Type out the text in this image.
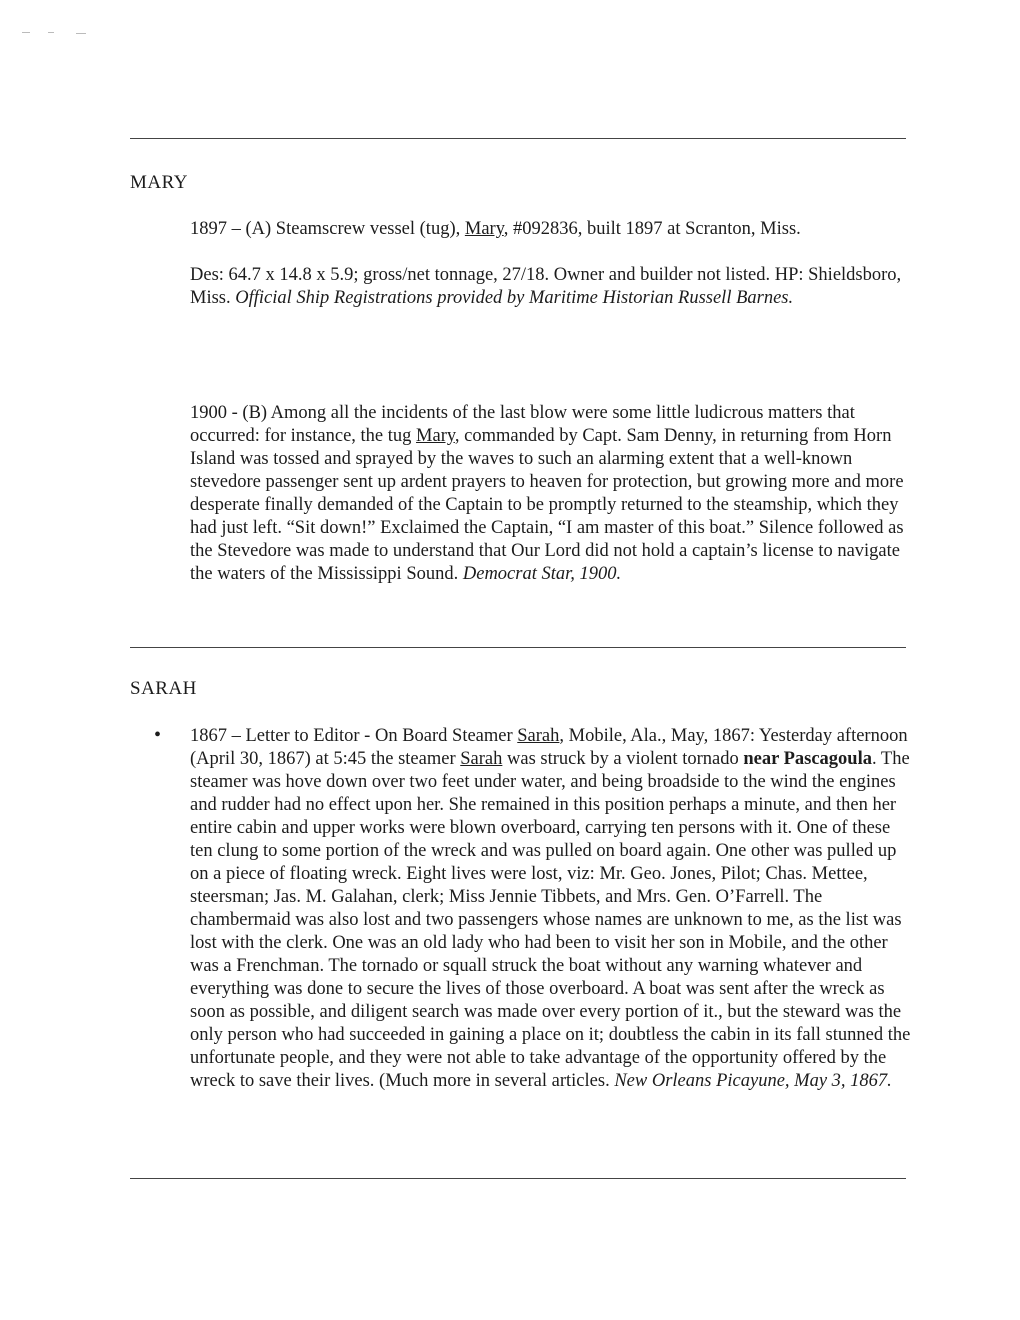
MARY

1897 – (A) Steamscrew vessel (tug), Mary, #092836, built 1897 at Scranton, Miss.

Des: 64.7 x 14.8 x 5.9; gross/net tonnage, 27/18. Owner and builder not listed. HP: Shieldsboro, Miss. Official Ship Registrations provided by Maritime Historian Russell Barnes.

1900 - (B) Among all the incidents of the last blow were some little ludicrous matters that occurred: for instance, the tug Mary, commanded by Capt. Sam Denny, in returning from Horn Island was tossed and sprayed by the waves to such an alarming extent that a well-known stevedore passenger sent up ardent prayers to heaven for protection, but growing more and more desperate finally demanded of the Captain to be promptly returned to the steamship, which they had just left. “Sit down!” Exclaimed the Captain, “I am master of this boat.” Silence followed as the Stevedore was made to understand that Our Lord did not hold a captain’s license to navigate the waters of the Mississippi Sound. Democrat Star, 1900.

SARAH
• 1867 – Letter to Editor - On Board Steamer Sarah, Mobile, Ala., May, 1867: Yesterday afternoon (April 30, 1867) at 5:45 the steamer Sarah was struck by a violent tornado near Pascagoula. The steamer was hove down over two feet under water, and being broadside to the wind the engines and rudder had no effect upon her. She remained in this position perhaps a minute, and then her entire cabin and upper works were blown overboard, carrying ten persons with it. One of these ten clung to some portion of the wreck and was pulled on board again. One other was pulled up on a piece of floating wreck. Eight lives were lost, viz: Mr. Geo. Jones, Pilot; Chas. Mettee, steersman; Jas. M. Galahan, clerk; Miss Jennie Tibbets, and Mrs. Gen. O’Farrell. The chambermaid was also lost and two passengers whose names are unknown to me, as the list was lost with the clerk. One was an old lady who had been to visit her son in Mobile, and the other was a Frenchman. The tornado or squall struck the boat without any warning whatever and everything was done to secure the lives of those overboard. A boat was sent after the wreck as soon as possible, and diligent search was made over every portion of it., but the steward was the only person who had succeeded in gaining a place on it; doubtless the cabin in its fall stunned the unfortunate people, and they were not able to take advantage of the opportunity offered by the wreck to save their lives. (Much more in several articles. New Orleans Picayune, May 3, 1867.
